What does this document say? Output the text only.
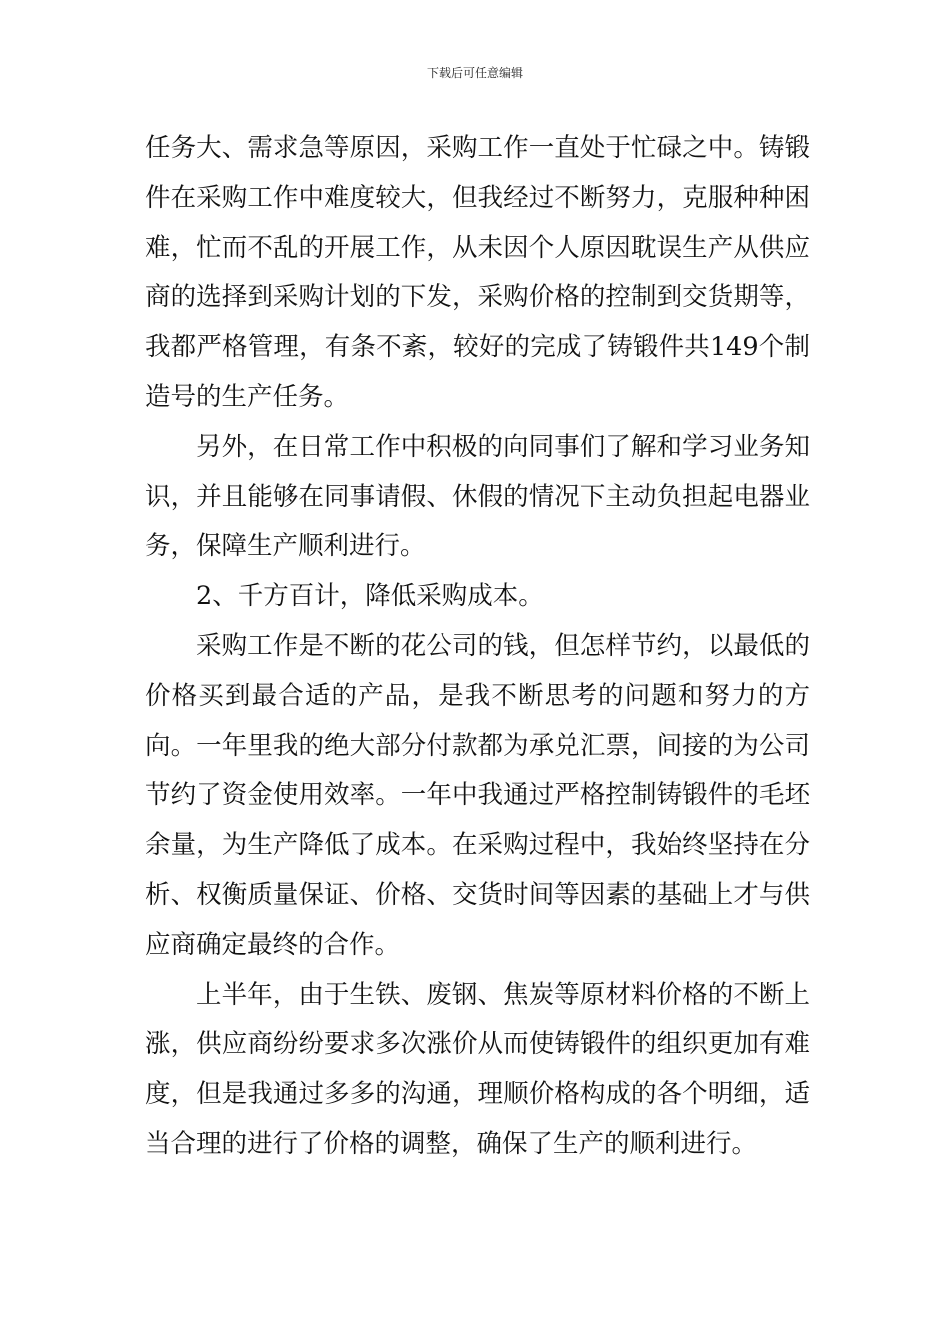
下载后可任意编辑

任务大、需求急等原因，采购工作一直处于忙碌之中。铸锻件在采购工作中难度较大，但我经过不断努力，克服种种困难，忙而不乱的开展工作，从未因个人原因耽误生产从供应商的选择到采购计划的下发，采购价格的控制到交货期等，我都严格管理，有条不紊，较好的完成了铸锻件共149个制造号的生产任务。

另外，在日常工作中积极的向同事们了解和学习业务知识，并且能够在同事请假、休假的情况下主动负担起电器业务，保障生产顺利进行。

2、千方百计，降低采购成本。

采购工作是不断的花公司的钱，但怎样节约，以最低的价格买到最合适的产品，是我不断思考的问题和努力的方向。一年里我的绝大部分付款都为承兑汇票，间接的为公司节约了资金使用效率。一年中我通过严格控制铸锻件的毛坯余量，为生产降低了成本。在采购过程中，我始终坚持在分析、权衡质量保证、价格、交货时间等因素的基础上才与供应商确定最终的合作。

上半年，由于生铁、废钢、焦炭等原材料价格的不断上涨，供应商纷纷要求多次涨价从而使铸锻件的组织更加有难度，但是我通过多多的沟通，理顺价格构成的各个明细，适当合理的进行了价格的调整，确保了生产的顺利进行。
